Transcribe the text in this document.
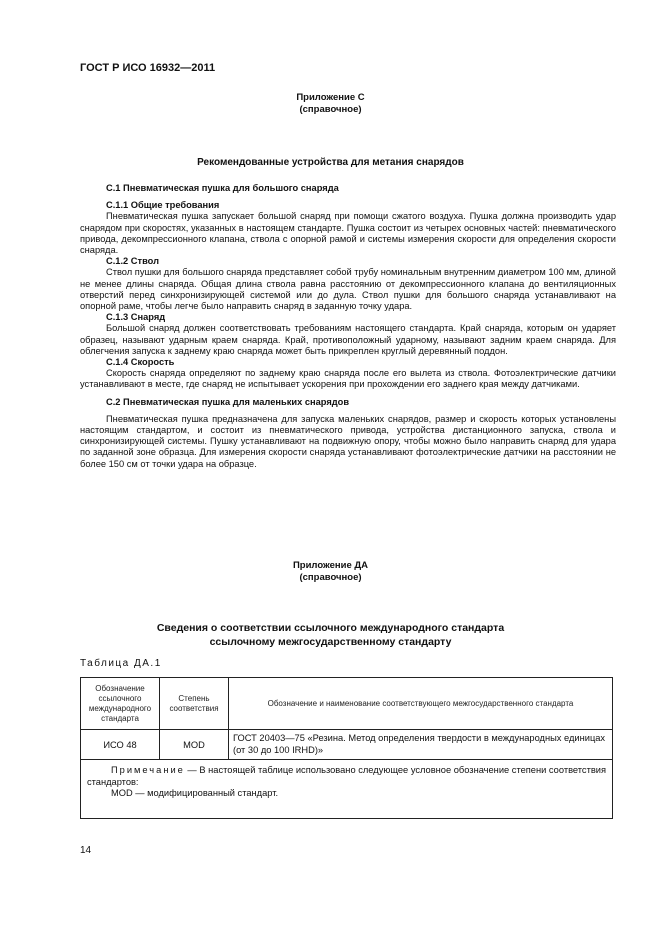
ГОСТ Р ИСО 16932—2011
Приложение С
(справочное)
Рекомендованные устройства для метания снарядов
С.1 Пневматическая пушка для большого снаряда
С.1.1 Общие требования

Пневматическая пушка запускает большой снаряд при помощи сжатого воздуха. Пушка должна производить удар снарядом при скоростях, указанных в настоящем стандарте. Пушка состоит из четырех основных частей: пневматического привода, декомпрессионного клапана, ствола с опорной рамой и системы измерения скорости для определения скорости снаряда.

С.1.2 Ствол

Ствол пушки для большого снаряда представляет собой трубу номинальным внутренним диаметром 100 мм, длиной не менее длины снаряда. Общая длина ствола равна расстоянию от декомпрессионного клапана до вентиляционных отверстий перед синхронизирующей системой или до дула. Ствол пушки для большого снаряда устанавливают на опорной раме, чтобы легче было направить снаряд в заданную точку удара.

С.1.3 Снаряд

Большой снаряд должен соответствовать требованиям настоящего стандарта. Край снаряда, которым он ударяет образец, называют ударным краем снаряда. Край, противоположный ударному, называют задним краем снаряда. Для облегчения запуска к заднему краю снаряда может быть прикреплен круглый деревянный поддон.

С.1.4 Скорость

Скорость снаряда определяют по заднему краю снаряда после его вылета из ствола. Фотоэлектрические датчики устанавливают в месте, где снаряд не испытывает ускорения при прохождении его заднего края между датчиками.

С.2 Пневматическая пушка для маленьких снарядов

Пневматическая пушка предназначена для запуска маленьких снарядов, размер и скорость которых установлены настоящим стандартом, и состоит из пневматического привода, устройства дистанционного запуска, ствола и синхронизирующей системы. Пушку устанавливают на подвижную опору, чтобы можно было направить снаряд для удара по заданной зоне образца. Для измерения скорости снаряда устанавливают фотоэлектрические датчики на расстоянии не более 150 см от точки удара на образце.

Приложение ДА
(справочное)
Сведения о соответствии ссылочного международного стандарта
ссылочному межгосударственному стандарту
Таблица ДА.1
Обозначение ссылочного международного стандарта	Степень соответствия	Обозначение и наименование соответствующего межгосударственного стандарта
ИСО 48	MOD	ГОСТ 20403—75 «Резина. Метод определения твердости в международных единицах (от 30 до 100 IRHD)»

Примечание — В настоящей таблице использовано следующее условное обозначение степени соответствия стандартов:

MOD — модифицированный стандарт.		

14
